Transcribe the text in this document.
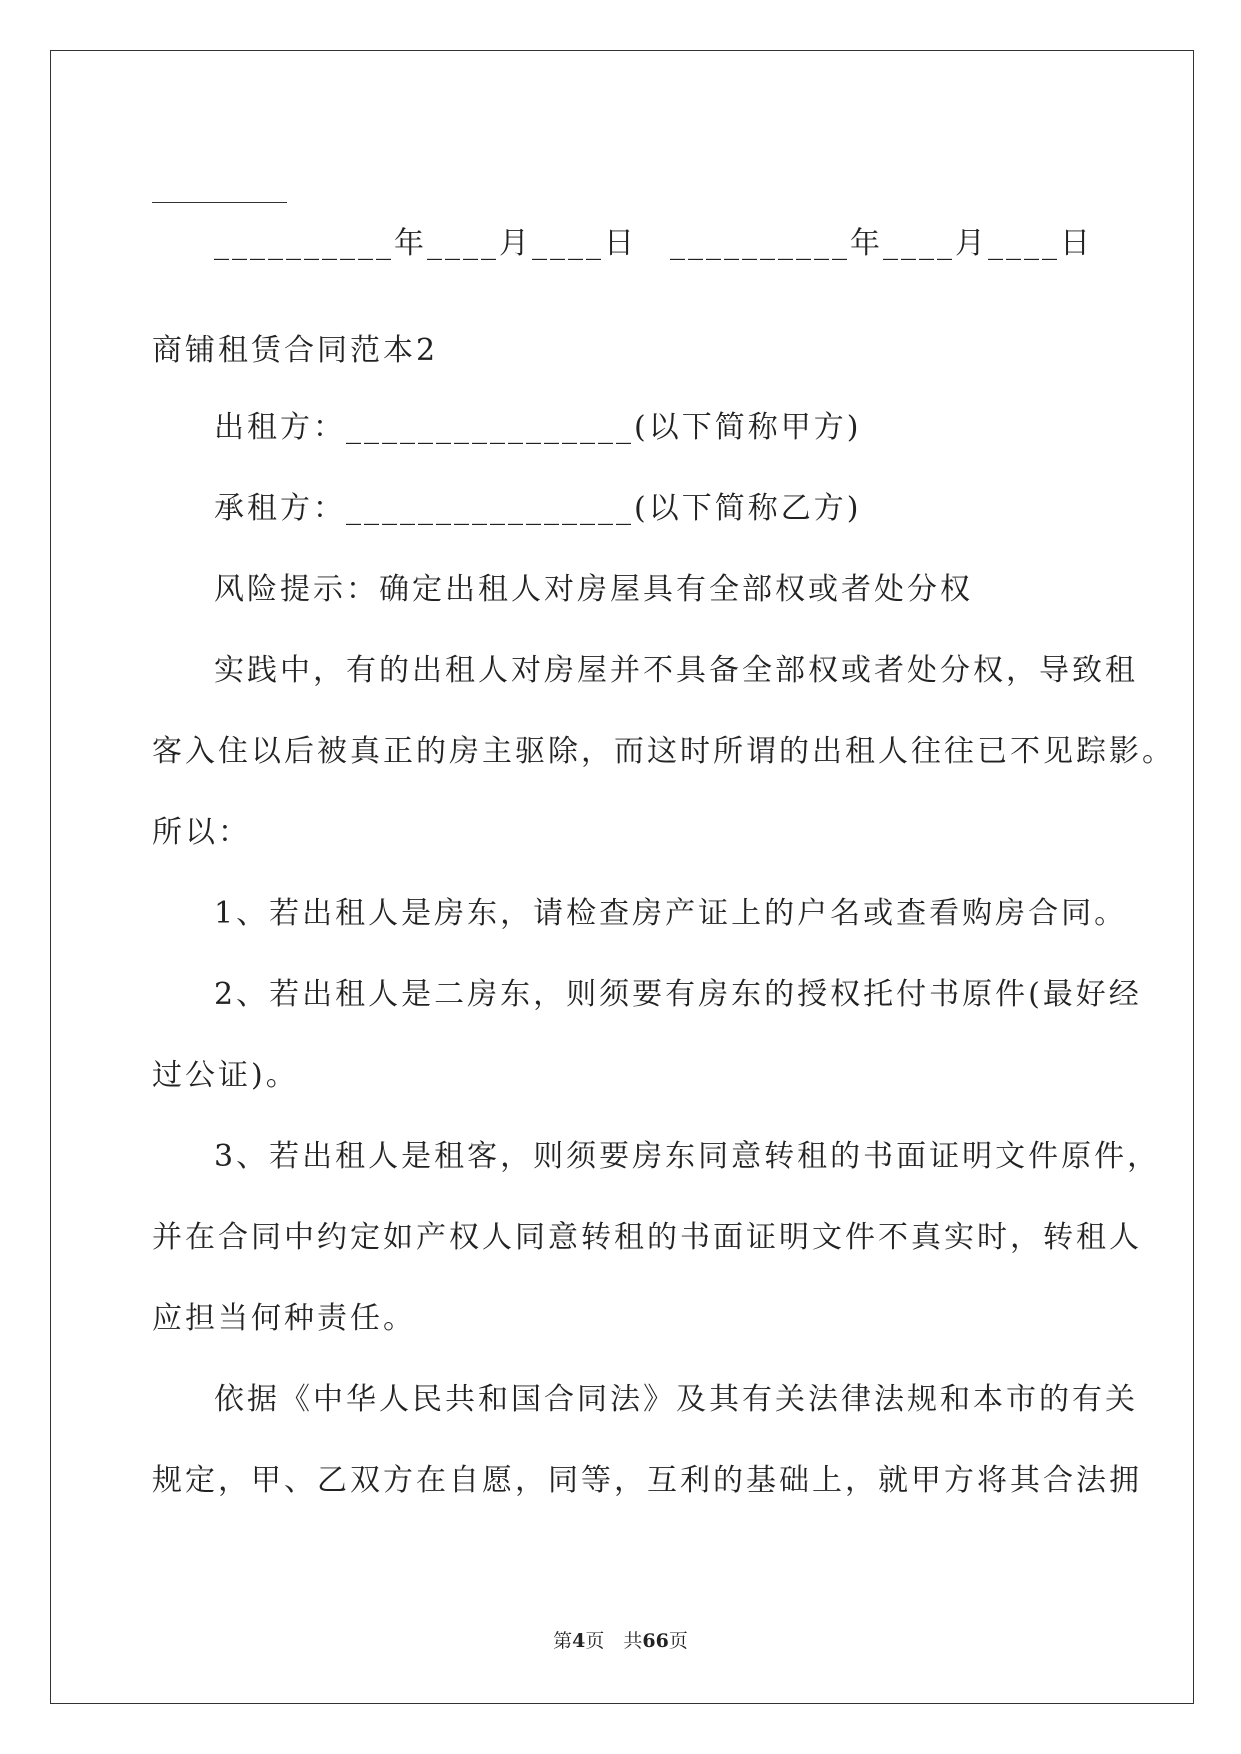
__________年____月____日 __________年____月____日
商铺租赁合同范本2
出租方：________________(以下简称甲方)
承租方：________________(以下简称乙方)
风险提示：确定出租人对房屋具有全部权或者处分权
实践中，有的出租人对房屋并不具备全部权或者处分权，导致租
客入住以后被真正的房主驱除，而这时所谓的出租人往往已不见踪影。
所以：
1、若出租人是房东，请检查房产证上的户名或查看购房合同。
2、若出租人是二房东，则须要有房东的授权托付书原件(最好经
过公证)。
3、若出租人是租客，则须要房东同意转租的书面证明文件原件，
并在合同中约定如产权人同意转租的书面证明文件不真实时，转租人
应担当何种责任。
依据《中华人民共和国合同法》及其有关法律法规和本市的有关
规定，甲、乙双方在自愿，同等，互利的基础上，就甲方将其合法拥
第4页　共66页
